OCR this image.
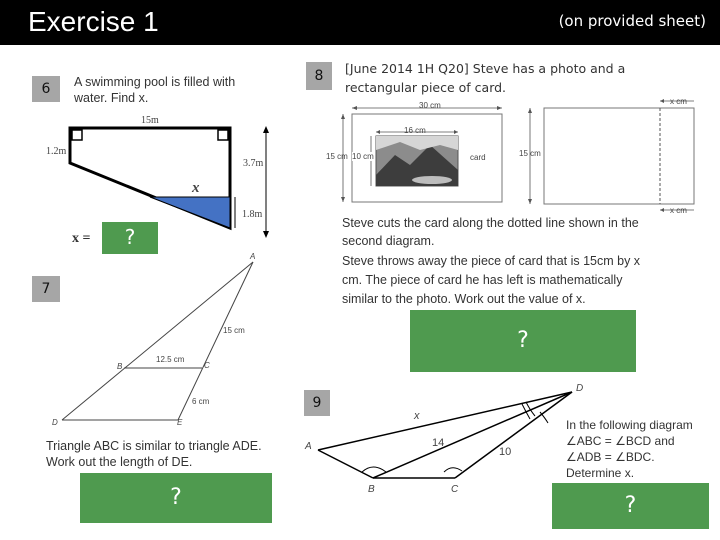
Exercise 1	(on provided sheet)
6	A swimming pool is filled with
water. Find x.
15m
1.2m
3.7m
1.8m
x
x =	?
7
A
B	C
D	E
15 cm
12.5 cm
6 cm
Triangle ABC is similar to triangle ADE.
Work out the length of DE.
?
8	[June 2014 1H Q20] Steve has a photo and a
rectangular piece of card.
30 cm
15 cm
16 cm
10 cm	card	15 cm
x cm
x cm
Steve cuts the card along the dotted line shown in the
second diagram.
Steve throws away the piece of card that is 15cm by x
cm. The piece of card he has left is mathematically
similar to the photo. Work out the value of x.
?
9
A
B	C
D
x
14
10
In the following diagram
∠ABC = ∠BCD and
∠ADB = ∠BDC.
Determine x.
?
